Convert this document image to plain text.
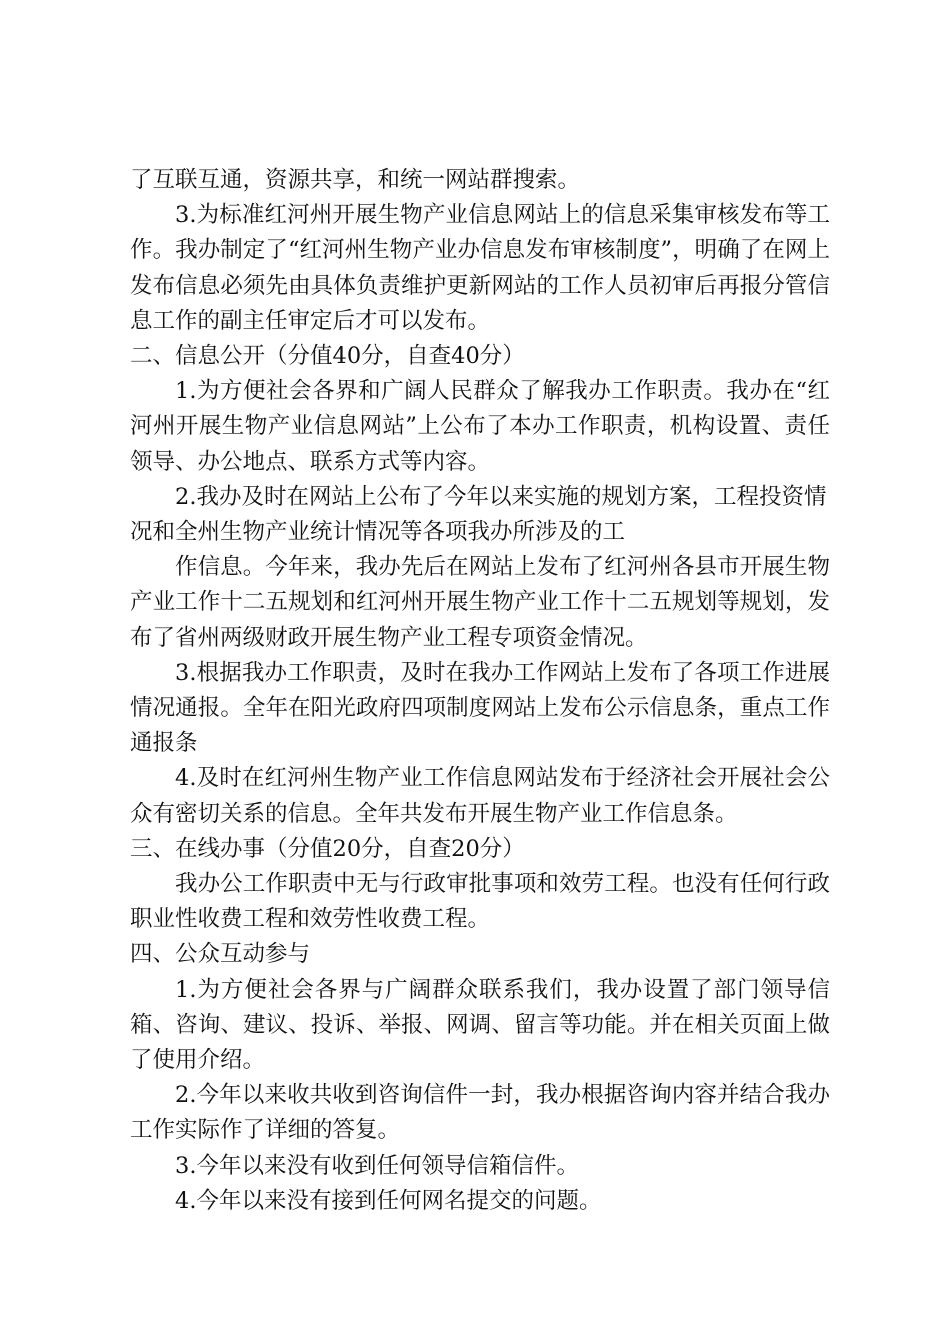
了互联互通，资源共享，和统一网站群搜索。

3.为标准红河州开展生物产业信息网站上的信息采集审核发布等工作。我办制定了“红河州生物产业办信息发布审核制度”，明确了在网上发布信息必须先由具体负责维护更新网站的工作人员初审后再报分管信息工作的副主任审定后才可以发布。

二、信息公开（分值40分，自查40分）

1.为方便社会各界和广阔人民群众了解我办工作职责。我办在“红河州开展生物产业信息网站”上公布了本办工作职责，机构设置、责任领导、办公地点、联系方式等内容。

2.我办及时在网站上公布了今年以来实施的规划方案，工程投资情况和全州生物产业统计情况等各项我办所涉及的工

作信息。今年来，我办先后在网站上发布了红河州各县市开展生物产业工作十二五规划和红河州开展生物产业工作十二五规划等规划，发布了省州两级财政开展生物产业工程专项资金情况。

3.根据我办工作职责，及时在我办工作网站上发布了各项工作进展情况通报。全年在阳光政府四项制度网站上发布公示信息条，重点工作通报条

4.及时在红河州生物产业工作信息网站发布于经济社会开展社会公众有密切关系的信息。全年共发布开展生物产业工作信息条。

三、在线办事（分值20分，自查20分）

我办公工作职责中无与行政审批事项和效劳工程。也没有任何行政职业性收费工程和效劳性收费工程。

四、公众互动参与

1.为方便社会各界与广阔群众联系我们，我办设置了部门领导信箱、咨询、建议、投诉、举报、网调、留言等功能。并在相关页面上做了使用介绍。

2.今年以来收共收到咨询信件一封，我办根据咨询内容并结合我办工作实际作了详细的答复。

3.今年以来没有收到任何领导信箱信件。

4.今年以来没有接到任何网名提交的问题。
